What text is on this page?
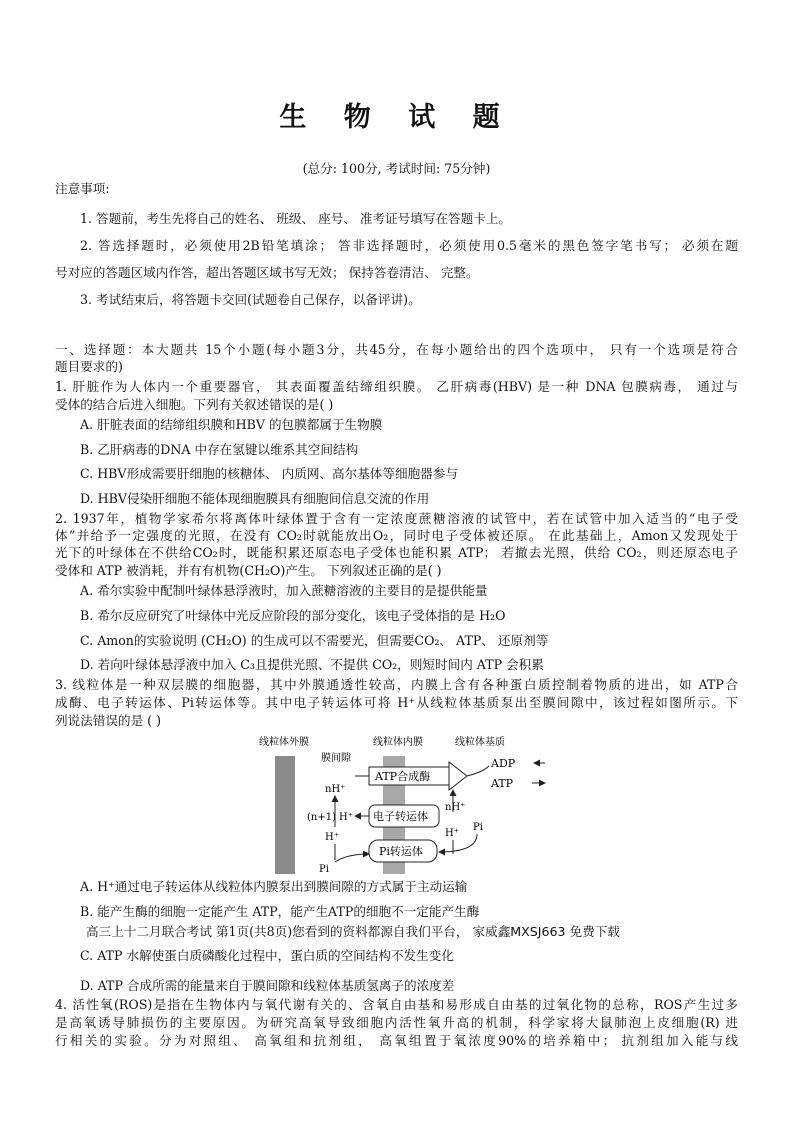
生 物 试 题
(总分: 100分, 考试时间: 75分钟)
注意事项:
1. 答题前，考生先将自己的姓名、 班级、 座号、 准考证号填写在答题卡上。
2. 答选择题时，必须使用2B铅笔填涂； 答非选择题时，必须使用0.5毫米的黑色签字笔书写； 必须在题
号对应的答题区域内作答，超出答题区域书写无效； 保持答卷清洁、 完整。
3. 考试结束后，将答题卡交回(试题卷自己保存，以备评讲)。
一、选择题：本大题共 15个小题(每小题3分，共45分，在每小题给出的四个选项中， 只有一个选项是符合
题目要求的)
1. 肝脏作为人体内一个重要器官， 其表面覆盖结缔组织膜。 乙肝病毒(HBV) 是一种 DNA 包膜病毒， 通过与
受体的结合后进入细胞。下列有关叙述错误的是( )
A. 肝脏表面的结缔组织膜和HBV 的包膜都属于生物膜
B. 乙肝病毒的DNA 中存在氢键以维系其空间结构
C. HBV形成需要肝细胞的核糖体、 内质网、高尔基体等细胞器参与
D. HBV侵染肝细胞不能体现细胞膜具有细胞间信息交流的作用
2. 1937年，植物学家希尔将离体叶绿体置于含有一定浓度蔗糖溶液的试管中，若在试管中加入适当的“电子受
体”并给予一定强度的光照，在没有 CO₂时就能放出O₂，同时电子受体被还原。 在此基础上，Amon又发现处于
光下的叶绿体在不供给CO₂时，既能积累还原态电子受体也能积累 ATP； 若撤去光照，供给 CO₂，则还原态电子
受体和 ATP 被消耗，并有有机物(CH₂O)产生。 下列叙述正确的是( )
A. 希尔实验中配制叶绿体悬浮液时，加入蔗糖溶液的主要目的是提供能量
B. 希尔反应研究了叶绿体中光反应阶段的部分变化，该电子受体指的是 H₂O
C. Amon的实验说明 (CH₂O) 的生成可以不需要光，但需要CO₂、 ATP、 还原剂等
D. 若向叶绿体悬浮液中加入 C₃且提供光照、不提供 CO₂，则短时间内 ATP 会积累
3. 线粒体是一种双层膜的细胞器，其中外膜通透性较高，内膜上含有各种蛋白质控制着物质的进出，如 ATP合
成酶、电子转运体、Pi转运体等。其中电子转运体可将 H⁺从线粒体基质泵出至膜间隙中，该过程如图所示。下
列说法错误的是 ( )
线粒体外膜	线粒体内膜	线粒体基质
膜间隙
ATP合成酶
ADP
ATP
nH⁺
(n+1) H⁺
H⁺
电子转运体
nH⁺
H⁺
Pi
Pi转运体
Pi
A. H⁺通过电子转运体从线粒体内膜泵出到膜间隙的方式属于主动运输
B. 能产生酶的细胞一定能产生 ATP，能产生ATP的细胞不一定能产生酶
高三上十二月联合考试 第1页(共8页)您看到的资料都源自我们平台， 家威鑫MXSJ663 免费下载
C. ATP 水解使蛋白质磷酸化过程中，蛋白质的空间结构不发生变化
D. ATP 合成所需的能量来自于膜间隙和线粒体基质氢离子的浓度差
4. 活性氧(ROS)是指在生物体内与氧代谢有关的、含氧自由基和易形成自由基的过氧化物的总称，ROS产生过多
是高氧诱导肺损伤的主要原因。为研究高氧导致细胞内活性氧升高的机制，科学家将大鼠肺泡上皮细胞(R) 进
行相关的实验。分为对照组、 高氧组和抗剂组， 高氧组置于氧浓度90%的培养箱中； 抗剂组加入能与线
